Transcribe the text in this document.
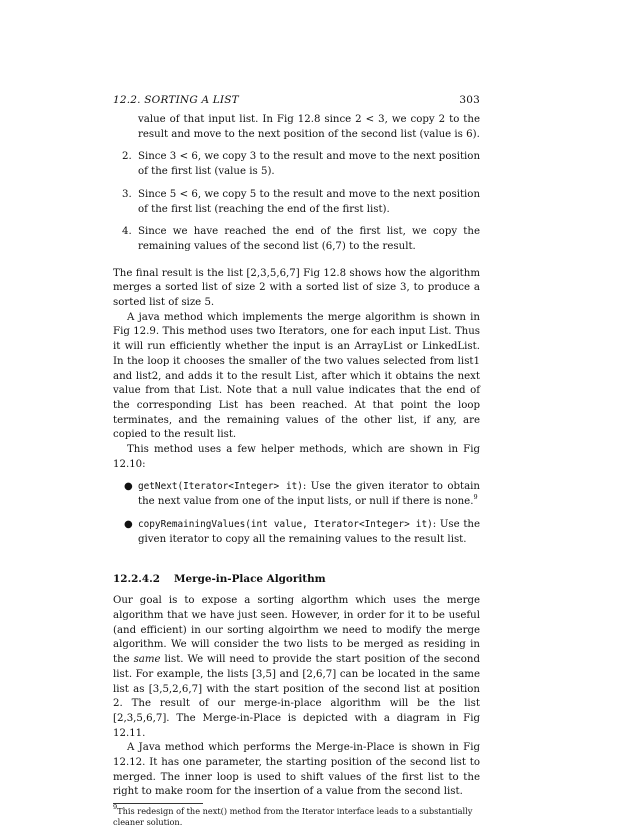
12.2. SORTING A LIST	303

value of that input list. In Fig 12.8 since 2 < 3, we copy 2 to the result and move to the next position of the second list (value is 6).

2. Since 3 < 6, we copy 3 to the result and move to the next position of the first list (value is 5).

3. Since 5 < 6, we copy 5 to the result and move to the next position of the first list (reaching the end of the first list).

4. Since we have reached the end of the first list, we copy the remaining values of the second list (6,7) to the result.

The final result is the list [2,3,5,6,7] Fig 12.8 shows how the algorithm merges a sorted list of size 2 with a sorted list of size 3, to produce a sorted list of size 5.

A java method which implements the merge algorithm is shown in Fig 12.9. This method uses two Iterators, one for each input List. Thus it will run efficiently whether the input is an ArrayList or LinkedList. In the loop it chooses the smaller of the two values selected from list1 and list2, and adds it to the result List, after which it obtains the next value from that List. Note that a null value indicates that the end of the corresponding List has been reached. At that point the loop terminates, and the remaining values of the other list, if any, are copied to the result list.

This method uses a few helper methods, which are shown in Fig 12.10:

● getNext(Iterator<Integer> it): Use the given iterator to obtain the next value from one of the input lists, or null if there is none.$^9$

● copyRemainingValues(int value, Iterator<Integer> it): Use the given iterator to copy all the remaining values to the result list.

12.2.4.2 Merge-in-Place Algorithm

Our goal is to expose a sorting algorthm which uses the merge algorithm that we have just seen. However, in order for it to be useful (and efficient) in our sorting algoirthm we need to modify the merge algorithm. We will consider the two lists to be merged as residing in the same list. We will need to provide the start position of the second list. For example, the lists [3,5] and [2,6,7] can be located in the same list as [3,5,2,6,7] with the start position of the second list at position 2. The result of our merge-in-place algorithm will be the list [2,3,5,6,7]. The Merge-in-Place is depicted with a diagram in Fig 12.11.

A Java method which performs the Merge-in-Place is shown in Fig 12.12. It has one parameter, the starting position of the second list to merged. The inner loop is used to shift values of the first list to the right to make room for the insertion of a value from the second list.

$^9$This redesign of the next() method from the Iterator interface leads to a substantially cleaner solution.
